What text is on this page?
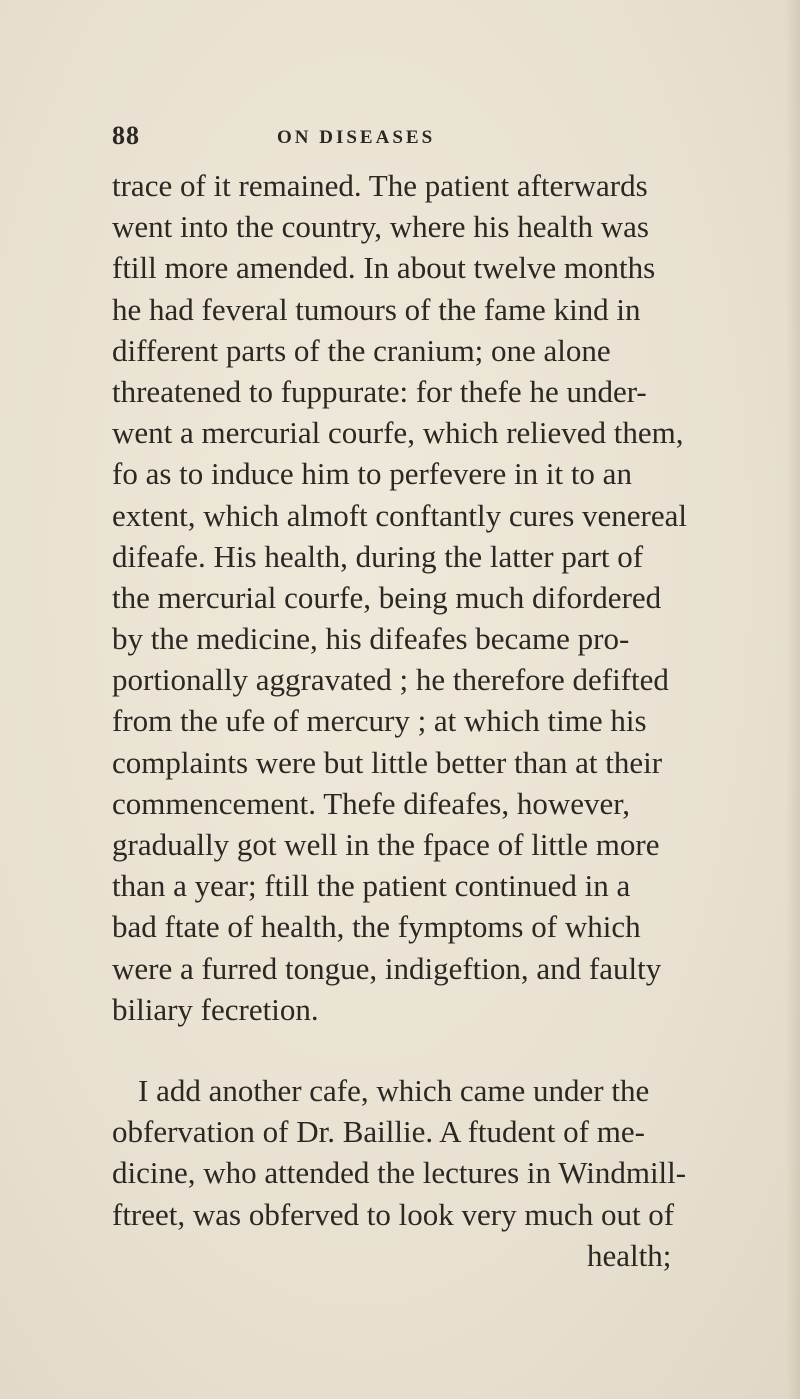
88	ON DISEASES
trace of it remained. The patient afterwards
went into the country, where his health was
ftill more amended. In about twelve months
he had feveral tumours of the fame kind in
different parts of the cranium; one alone
threatened to fuppurate: for thefe he under-
went a mercurial courfe, which relieved them,
fo as to induce him to perfevere in it to an
extent, which almoft conftantly cures venereal
difeafe. His health, during the latter part of
the mercurial courfe, being much difordered
by the medicine, his difeafes became pro-
portionally aggravated ; he therefore defifted
from the ufe of mercury ; at which time his
complaints were but little better than at their
commencement. Thefe difeafes, however,
gradually got well in the fpace of little more
than a year; ftill the patient continued in a
bad ftate of health, the fymptoms of which
were a furred tongue, indigeftion, and faulty
biliary fecretion.
I add another cafe, which came under the
obfervation of Dr. Baillie. A ftudent of me-
dicine, who attended the lectures in Windmill-
ftreet, was obferved to look very much out of
health;
